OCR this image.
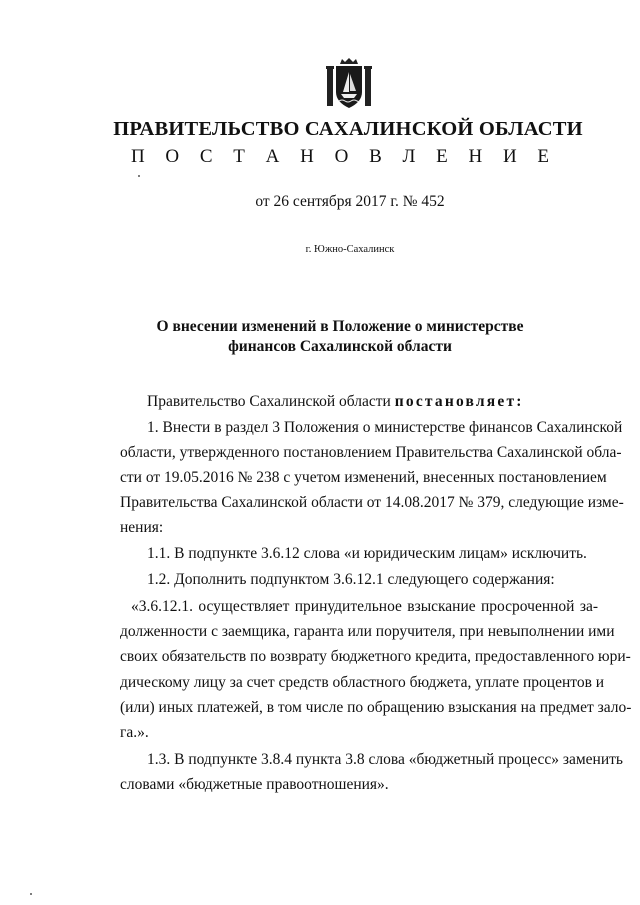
ПРАВИТЕЛЬСТВО САХАЛИНСКОЙ ОБЛАСТИ
П О С Т А Н О В Л Е Н И Е
от 26 сентября 2017 г. № 452
г. Южно-Сахалинск
О внесении изменений в Положение о министерстве
финансов Сахалинской области
Правительство Сахалинской области постановляет:
1. Внести в раздел 3 Положения о министерстве финансов Сахалинской
области, утвержденного постановлением Правительства Сахалинской обла-
сти от 19.05.2016 № 238 с учетом изменений, внесенных постановлением
Правительства Сахалинской области от 14.08.2017 № 379, следующие изме-
нения:
1.1. В подпункте 3.6.12 слова «и юридическим лицам» исключить.
1.2. Дополнить подпунктом 3.6.12.1 следующего содержания:
«3.6.12.1. осуществляет принудительное взыскание просроченной за-
долженности с заемщика, гаранта или поручителя, при невыполнении ими
своих обязательств по возврату бюджетного кредита, предоставленного юри-
дическому лицу за счет средств областного бюджета, уплате процентов и
(или) иных платежей, в том числе по обращению взыскания на предмет зало-
га.».
1.3. В подпункте 3.8.4 пункта 3.8 слова «бюджетный процесс» заменить
словами «бюджетные правоотношения».
